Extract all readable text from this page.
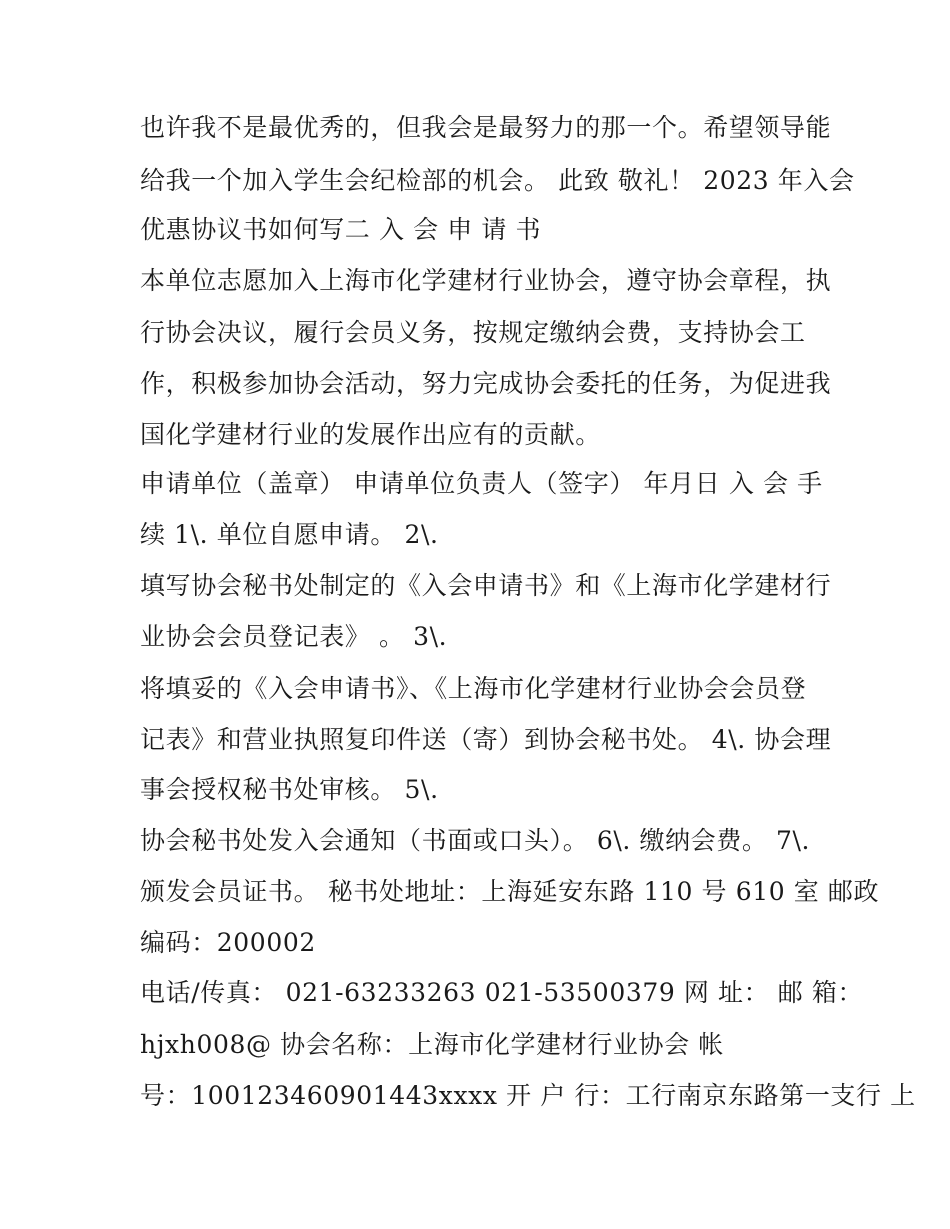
也许我不是最优秀的，但我会是最努力的那一个。希望领导能
给我一个加入学生会纪检部的机会。 此致 敬礼！ 2023 年入会
优惠协议书如何写二 入 会 申 请 书
本单位志愿加入上海市化学建材行业协会，遵守协会章程，执
行协会决议，履行会员义务，按规定缴纳会费，支持协会工
作，积极参加协会活动，努力完成协会委托的任务，为促进我
国化学建材行业的发展作出应有的贡献。
申请单位（盖章） 申请单位负责人（签字） 年月日 入 会 手
续 1\. 单位自愿申请。 2\.
填写协会秘书处制定的《入会申请书》和《上海市化学建材行
业协会会员登记表》 。 3\.
将填妥的《入会申请书》、《上海市化学建材行业协会会员登
记表》和营业执照复印件送（寄）到协会秘书处。 4\. 协会理
事会授权秘书处审核。 5\.
协会秘书处发入会通知（书面或口头）。 6\. 缴纳会费。 7\.
颁发会员证书。 秘书处地址：上海延安东路 110 号 610 室 邮政
编码：200002
电话/传真： 021-63233263 021-53500379 网 址： 邮 箱：
hjxh008@ 协会名称：上海市化学建材行业协会 帐
号：100123460901443xxxx 开 户 行：工行南京东路第一支行 上
